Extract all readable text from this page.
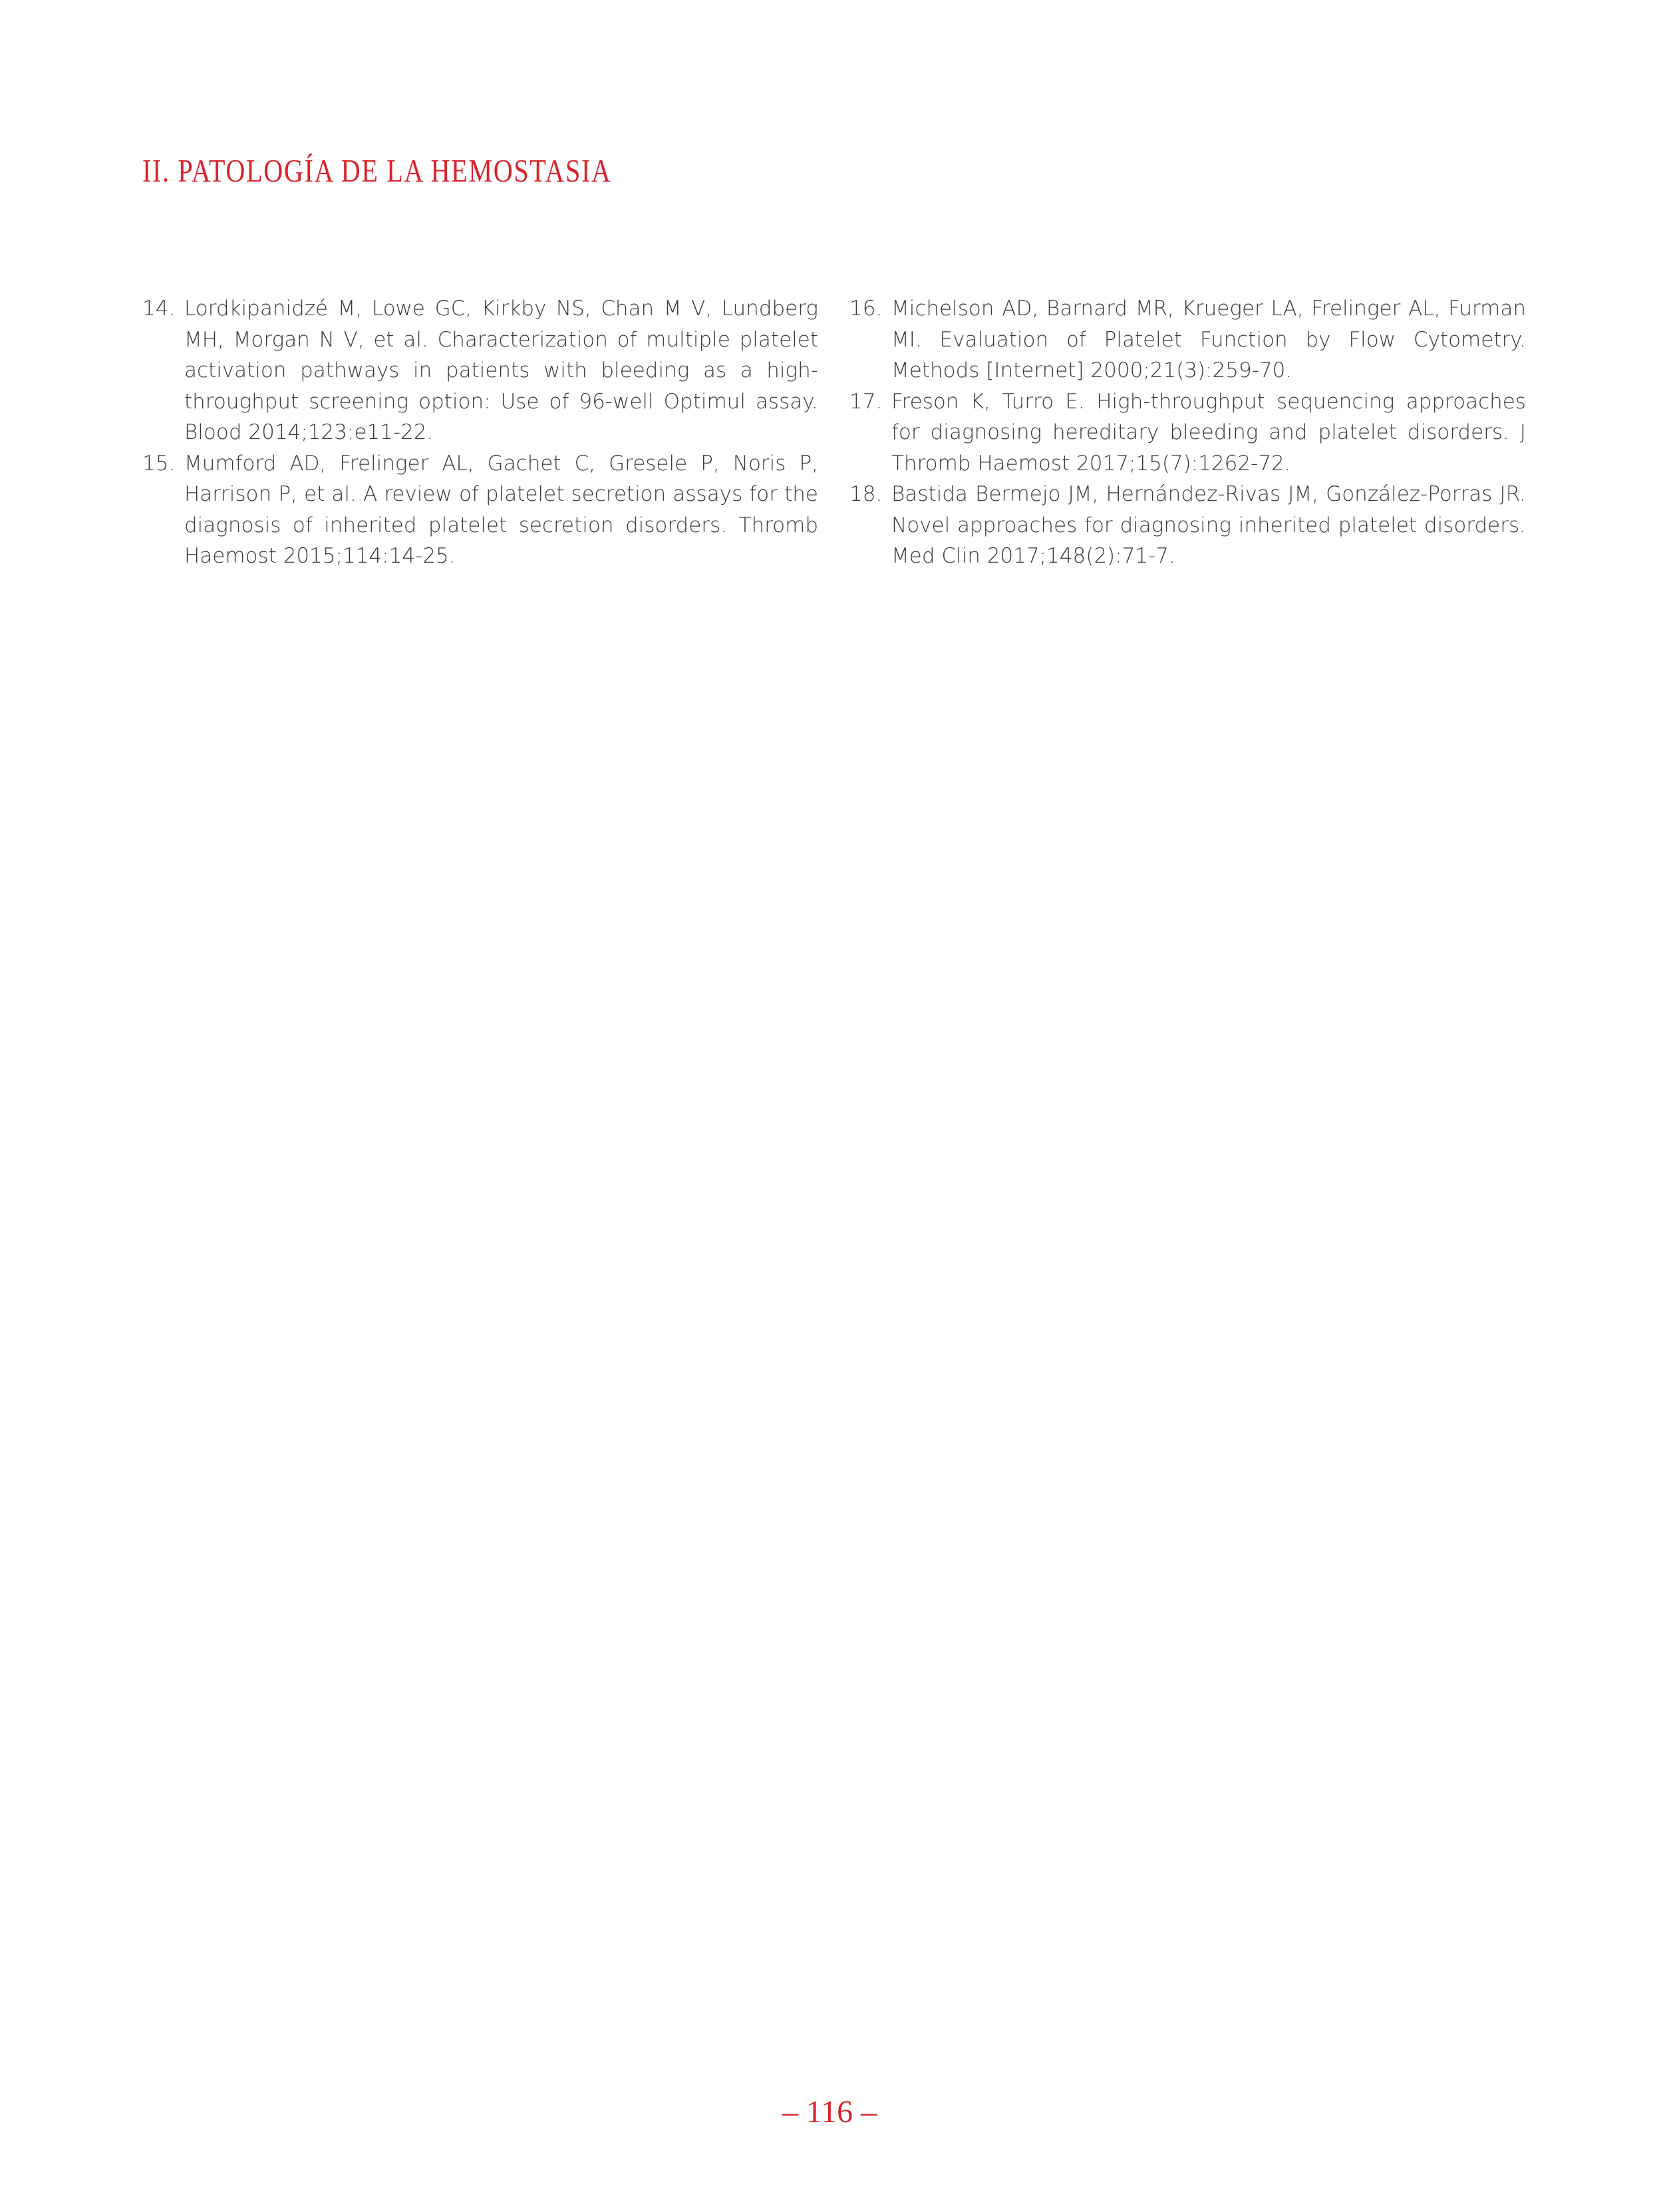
II. PATOLOGÍA DE LA HEMOSTASIA
14. Lordkipanidzé M, Lowe GC, Kirkby NS, Chan M V, Lundberg MH, Morgan N V, et al. Characterization of multiple platelet activation pathways in patients with bleeding as a high-throughput screening option: Use of 96-well Optimul assay. Blood 2014;123:e11-22.
15. Mumford AD, Frelinger AL, Gachet C, Gresele P, Noris P, Harrison P, et al. A review of platelet secretion assays for the diagnosis of inherited platelet secretion disorders. Thromb Haemost 2015;114:14-25.
16. Michelson AD, Barnard MR, Krueger LA, Frelinger AL, Furman MI. Evaluation of Platelet Function by Flow Cytometry. Methods [Internet] 2000;21(3):259-70.
17. Freson K, Turro E. High-throughput sequencing approaches for diagnosing hereditary bleeding and platelet disorders. J Thromb Haemost 2017;15(7):1262-72.
18. Bastida Bermejo JM, Hernández-Rivas JM, González-Porras JR. Novel approaches for diagnosing inherited platelet disorders. Med Clin 2017;148(2):71-7.
– 116 –
